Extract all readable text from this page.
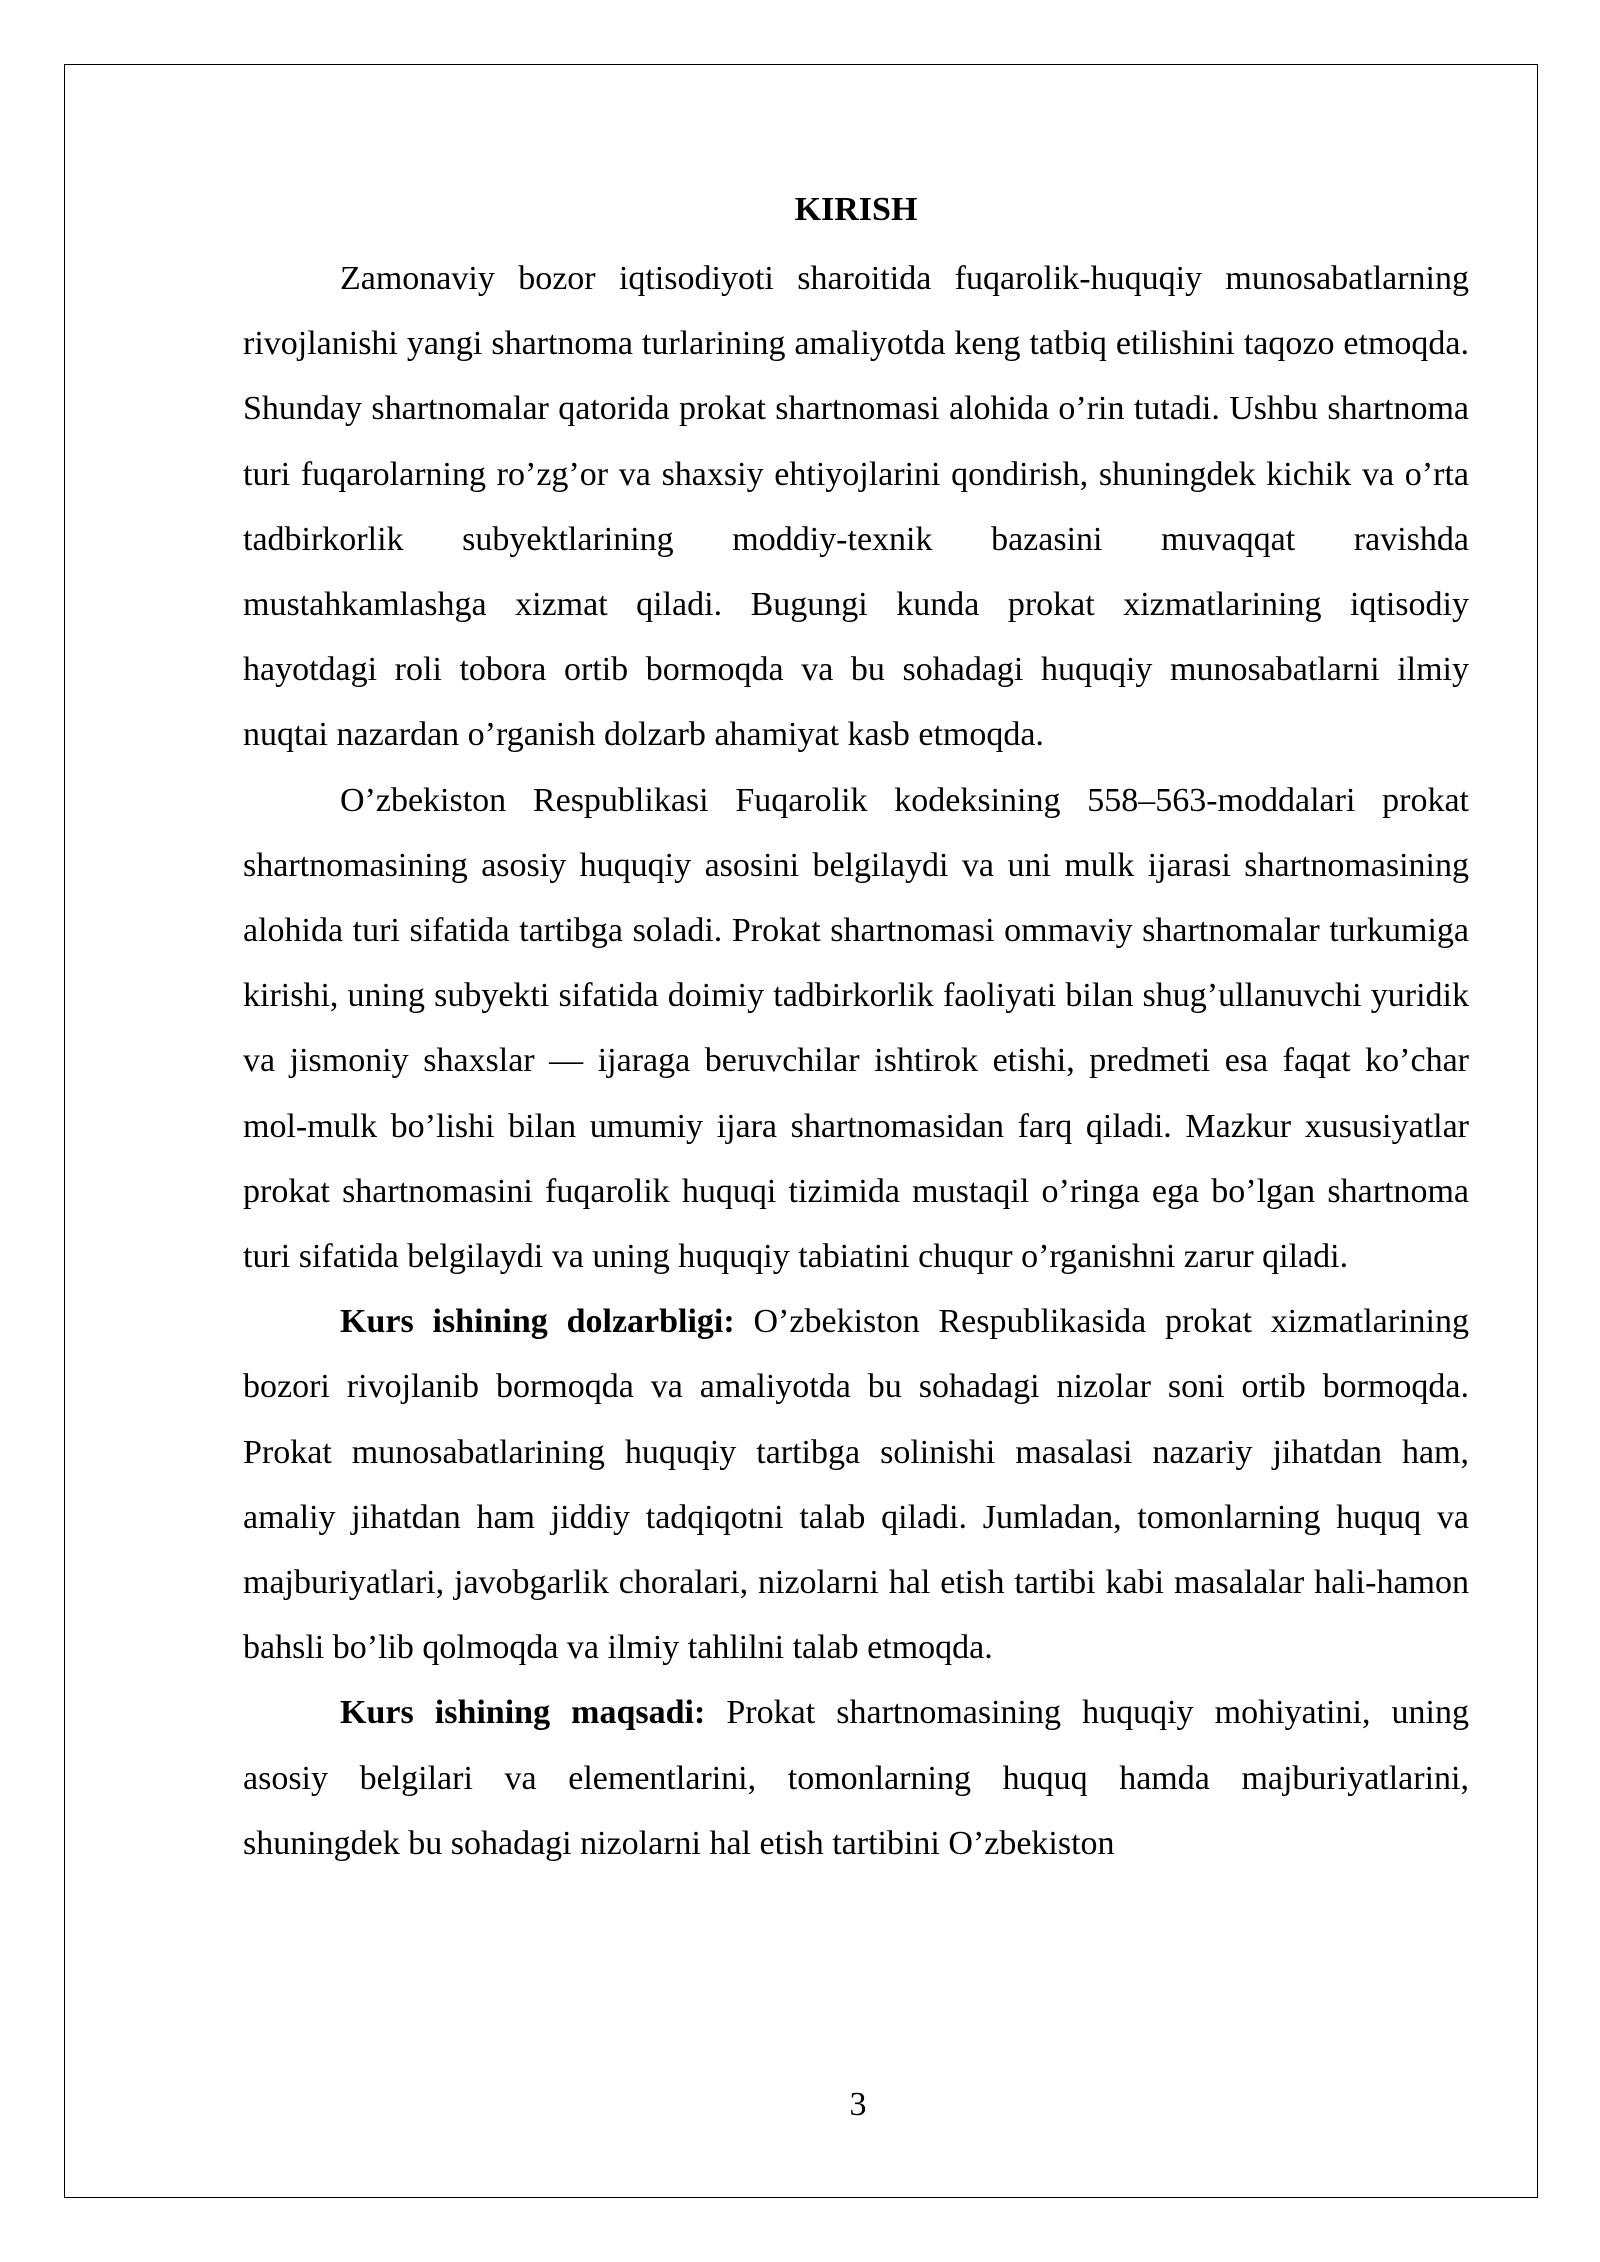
KIRISH

Zamonaviy bozor iqtisodiyoti sharoitida fuqarolik-huquqiy munosabatlarning rivojlanishi yangi shartnoma turlarining amaliyotda keng tatbiq etilishini taqozo etmoqda. Shunday shartnomalar qatorida prokat shartnomasi alohida o’rin tutadi. Ushbu shartnoma turi fuqarolarning ro’zg’or va shaxsiy ehtiyojlarini qondirish, shuningdek kichik va o’rta tadbirkorlik subyektlarining moddiy-texnik bazasini muvaqqat ravishda mustahkamlashga xizmat qiladi. Bugungi kunda prokat xizmatlarining iqtisodiy hayotdagi roli tobora ortib bormoqda va bu sohadagi huquqiy munosabatlarni ilmiy nuqtai nazardan o’rganish dolzarb ahamiyat kasb etmoqda.

O’zbekiston Respublikasi Fuqarolik kodeksining 558–563-moddalari prokat shartnomasining asosiy huquqiy asosini belgilaydi va uni mulk ijarasi shartnomasining alohida turi sifatida tartibga soladi. Prokat shartnomasi ommaviy shartnomalar turkumiga kirishi, uning subyekti sifatida doimiy tadbirkorlik faoliyati bilan shug’ullanuvchi yuridik va jismoniy shaxslar — ijaraga beruvchilar ishtirok etishi, predmeti esa faqat ko’char mol-mulk bo’lishi bilan umumiy ijara shartnomasidan farq qiladi. Mazkur xususiyatlar prokat shartnomasini fuqarolik huquqi tizimida mustaqil o’ringa ega bo’lgan shartnoma turi sifatida belgilaydi va uning huquqiy tabiatini chuqur o’rganishni zarur qiladi.

Kurs ishining dolzarbligi: O’zbekiston Respublikasida prokat xizmatlarining bozori rivojlanib bormoqda va amaliyotda bu sohadagi nizolar soni ortib bormoqda. Prokat munosabatlarining huquqiy tartibga solinishi masalasi nazariy jihatdan ham, amaliy jihatdan ham jiddiy tadqiqotni talab qiladi. Jumladan, tomonlarning huquq va majburiyatlari, javobgarlik choralari, nizolarni hal etish tartibi kabi masalalar hali-hamon bahsli bo’lib qolmoqda va ilmiy tahlilni talab etmoqda.

Kurs ishining maqsadi: Prokat shartnomasining huquqiy mohiyatini, uning asosiy belgilari va elementlarini, tomonlarning huquq hamda majburiyatlarini, shuningdek bu sohadagi nizolarni hal etish tartibini O’zbekiston

3
